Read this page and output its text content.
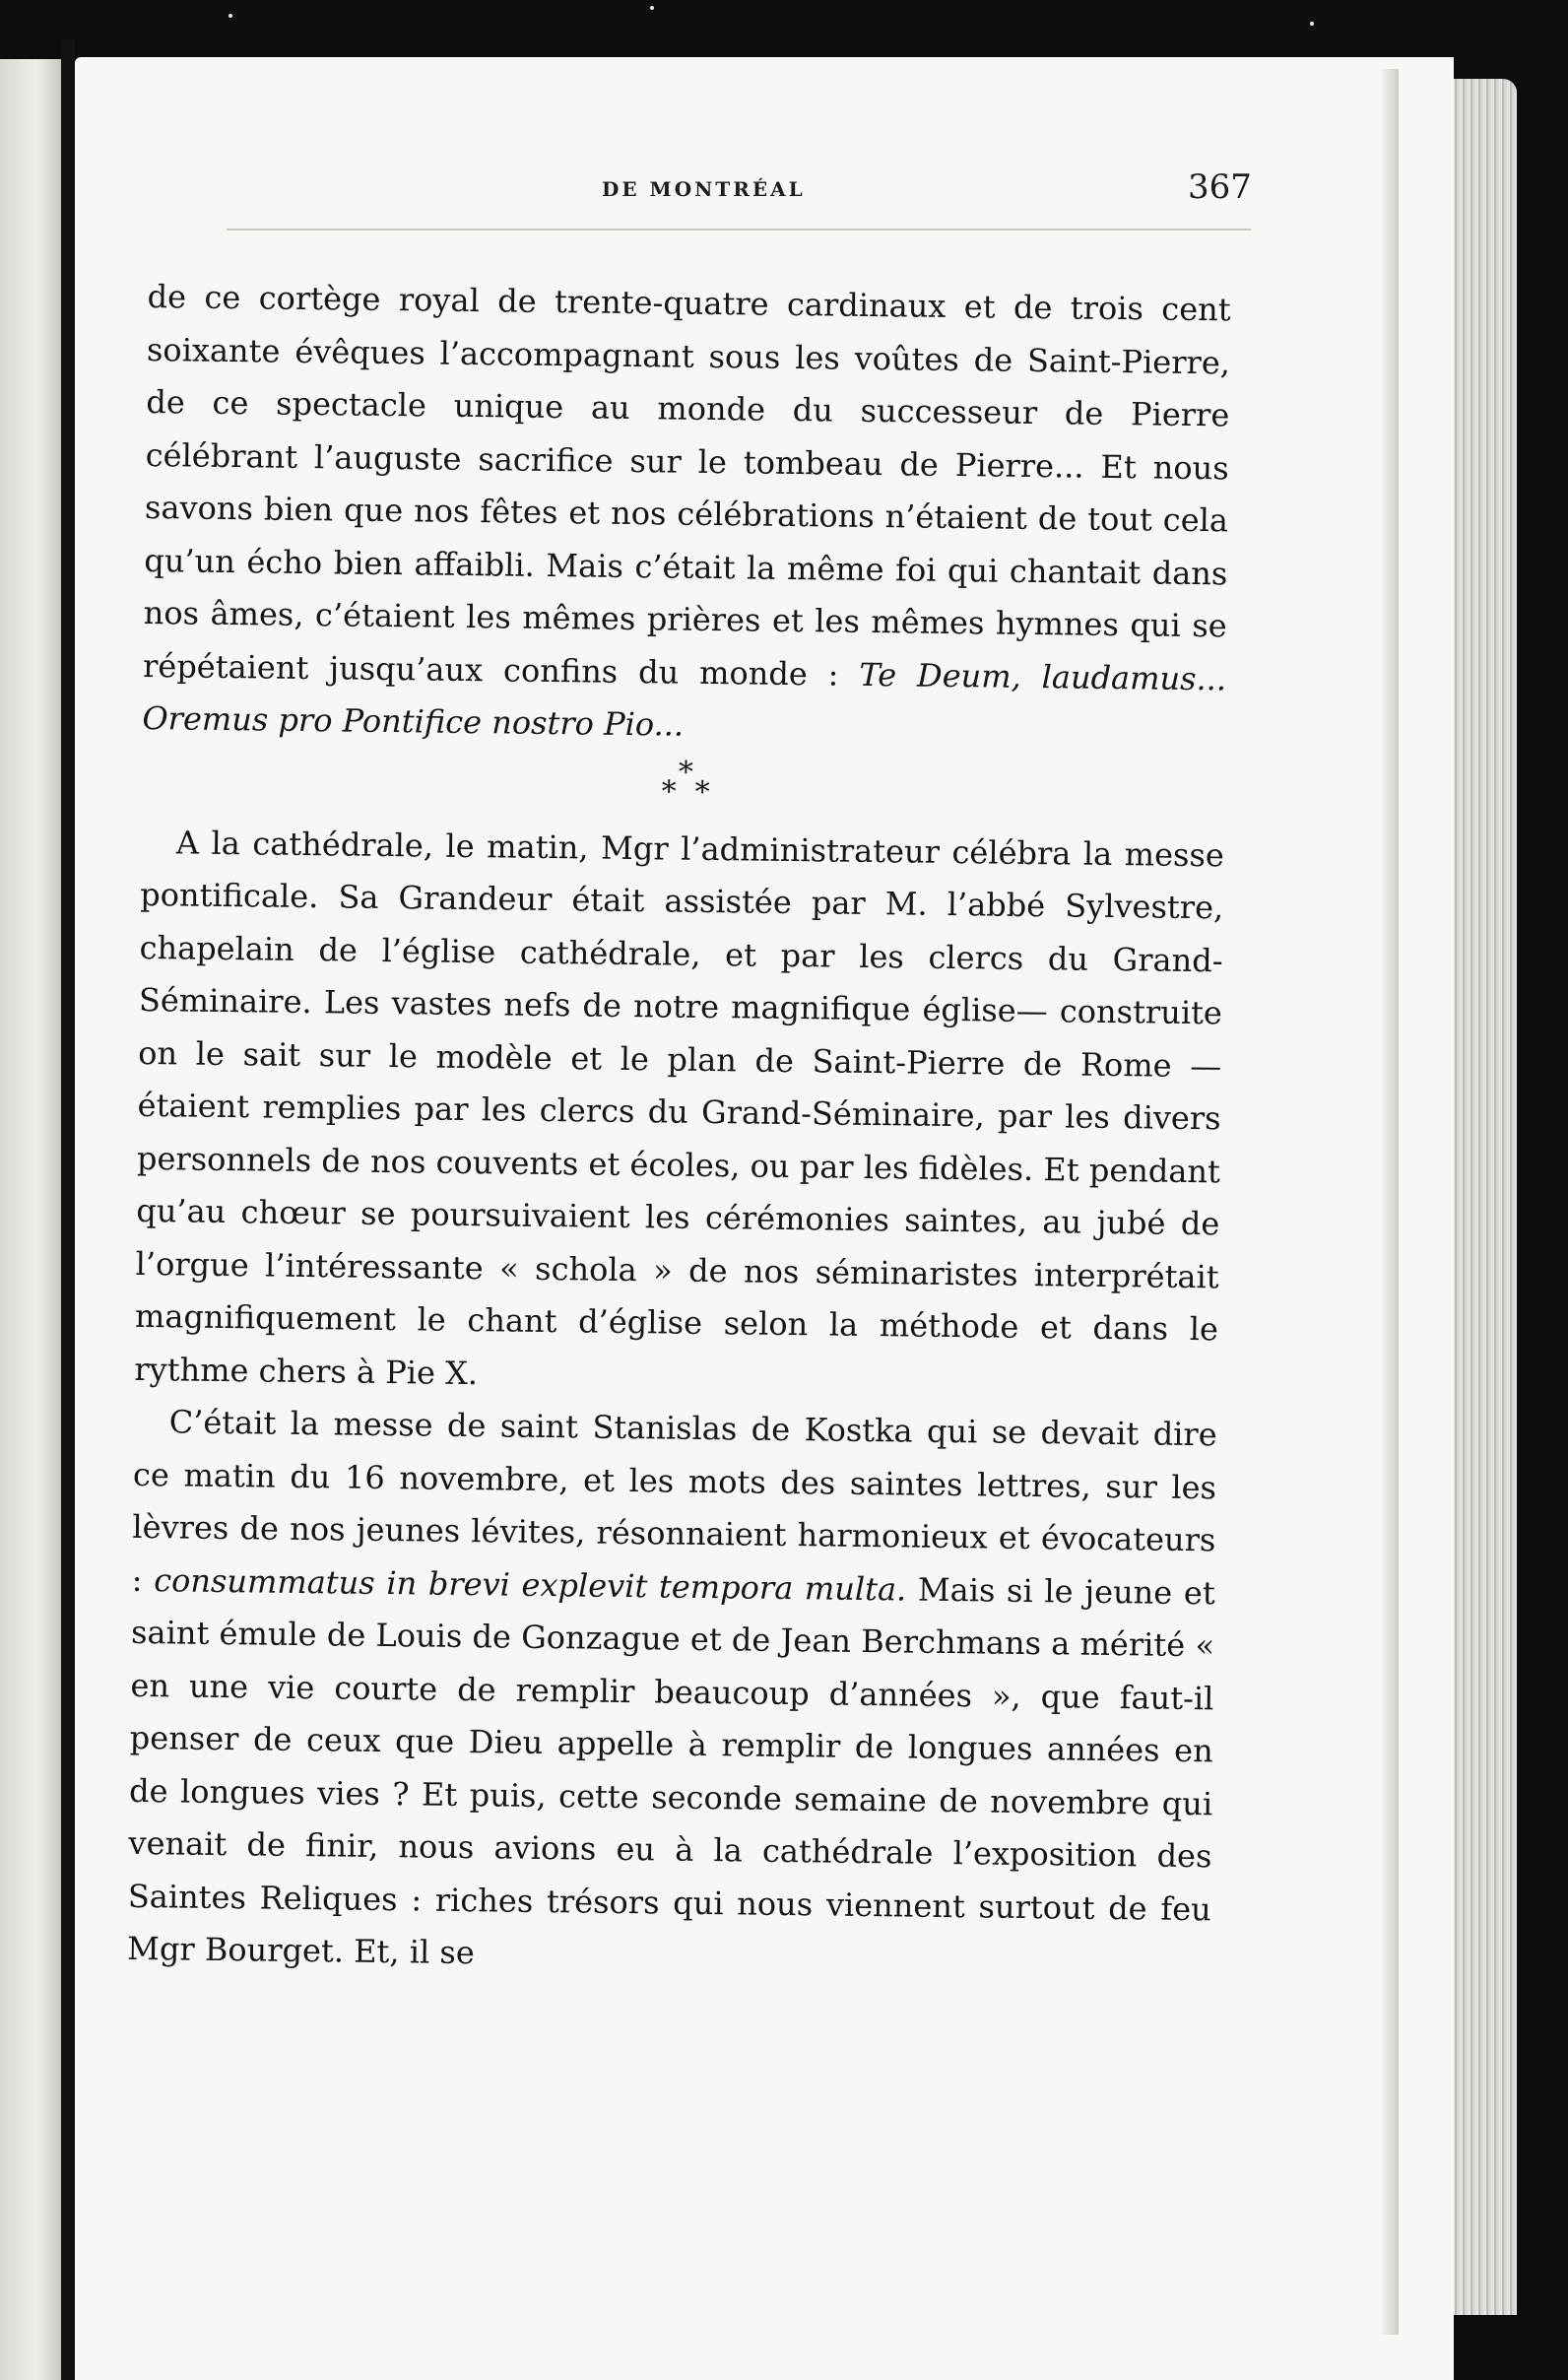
DE MONTRÉAL	367

de ce cortège royal de trente-quatre cardinaux et de trois cent soixante évêques l’accompagnant sous les voûtes de Saint-Pierre, de ce spectacle unique au monde du successeur de Pierre célébrant l’auguste sacrifice sur le tombeau de Pierre... Et nous savons bien que nos fêtes et nos célébrations n’étaient de tout cela qu’un écho bien affaibli. Mais c’était la même foi qui chantait dans nos âmes, c’étaient les mêmes prières et les mêmes hymnes qui se répétaient jusqu’aux confins du monde : Te Deum, laudamus... Oremus pro Pontifice nostro Pio...

*
* *

A la cathédrale, le matin, Mgr l’administrateur célébra la messe pontificale. Sa Grandeur était assistée par M. l’abbé Sylvestre, chapelain de l’église cathédrale, et par les clercs du Grand-Séminaire. Les vastes nefs de notre magnifique église— construite on le sait sur le modèle et le plan de Saint-Pierre de Rome — étaient remplies par les clercs du Grand-Séminaire, par les divers personnels de nos couvents et écoles, ou par les fidèles. Et pendant qu’au chœur se poursuivaient les cérémonies saintes, au jubé de l’orgue l’intéressante « schola » de nos séminaristes interprétait magnifiquement le chant d’église selon la méthode et dans le rythme chers à Pie X.

C’était la messe de saint Stanislas de Kostka qui se devait dire ce matin du 16 novembre, et les mots des saintes lettres, sur les lèvres de nos jeunes lévites, résonnaient harmonieux et évocateurs : consummatus in brevi explevit tempora multa. Mais si le jeune et saint émule de Louis de Gonzague et de Jean Berchmans a mérité « en une vie courte de remplir beaucoup d’années », que faut-il penser de ceux que Dieu appelle à remplir de longues années en de longues vies ? Et puis, cette seconde semaine de novembre qui venait de finir, nous avions eu à la cathédrale l’exposition des Saintes Reliques : riches trésors qui nous viennent surtout de feu Mgr Bourget. Et, il se
